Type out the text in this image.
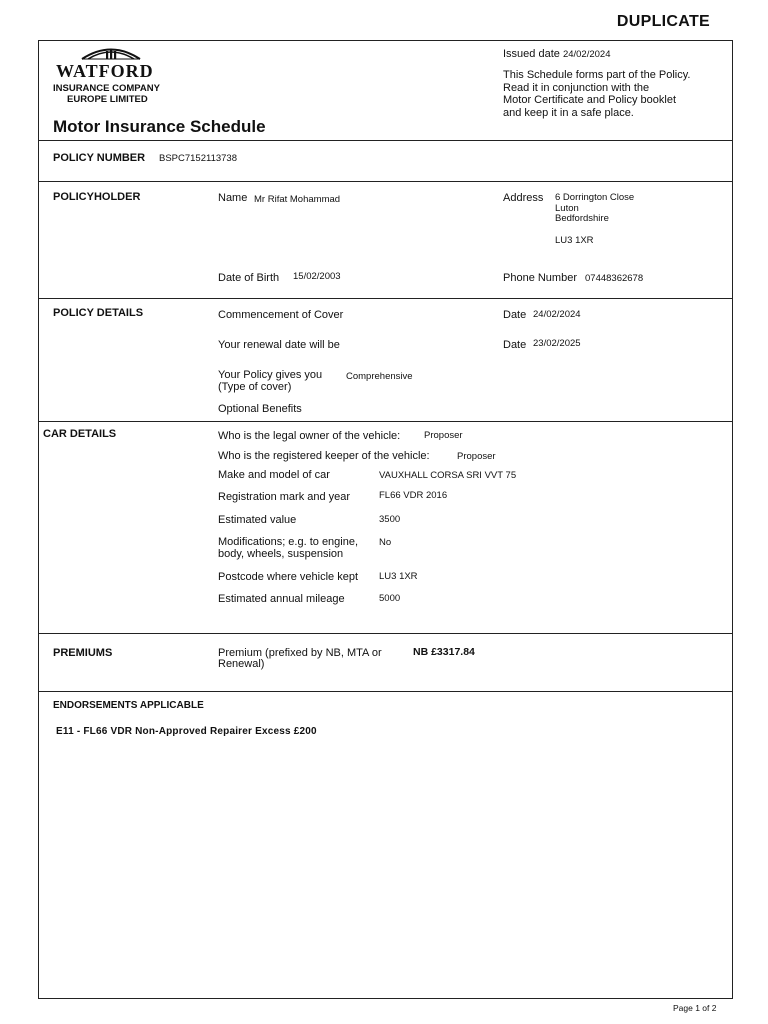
DUPLICATE
WATFORD
INSURANCE COMPANY
EUROPE LIMITED
Motor Insurance Schedule
Issued date 24/02/2024

This Schedule forms part of the Policy.

Read it in conjunction with the

Motor Certificate and Policy booklet

and keep it in a safe place.

POLICY NUMBER BSPC7152113738
POLICYHOLDER	Name Mr Rifat Mohammad	Address 6 Dorrington Close
Luton
Bedfordshire
LU3 1XR
Date of Birth 15/02/2003	Phone Number 07448362678
POLICY DETAILS	Commencement of Cover	Date 24/02/2024
Your renewal date will be	Date 23/02/2025
Your Policy gives you
(Type of cover)
Comprehensive
Optional Benefits
CAR DETAILS	Who is the legal owner of the vehicle:	Proposer
Who is the registered keeper of the vehicle:	Proposer
Make and model of car	VAUXHALL CORSA SRI VVT 75
Registration mark and year	FL66 VDR 2016
Estimated value	3500
Modifications; e.g. to engine,
body, wheels, suspension
No
Postcode where vehicle kept LU3 1XR
Estimated annual mileage	5000
PREMIUMS	Premium (prefixed by NB, MTA or
Renewal)
NB £3317.84
ENDORSEMENTS APPLICABLE
E11 - FL66 VDR Non-Approved Repairer Excess £200
Page 1 of 2
